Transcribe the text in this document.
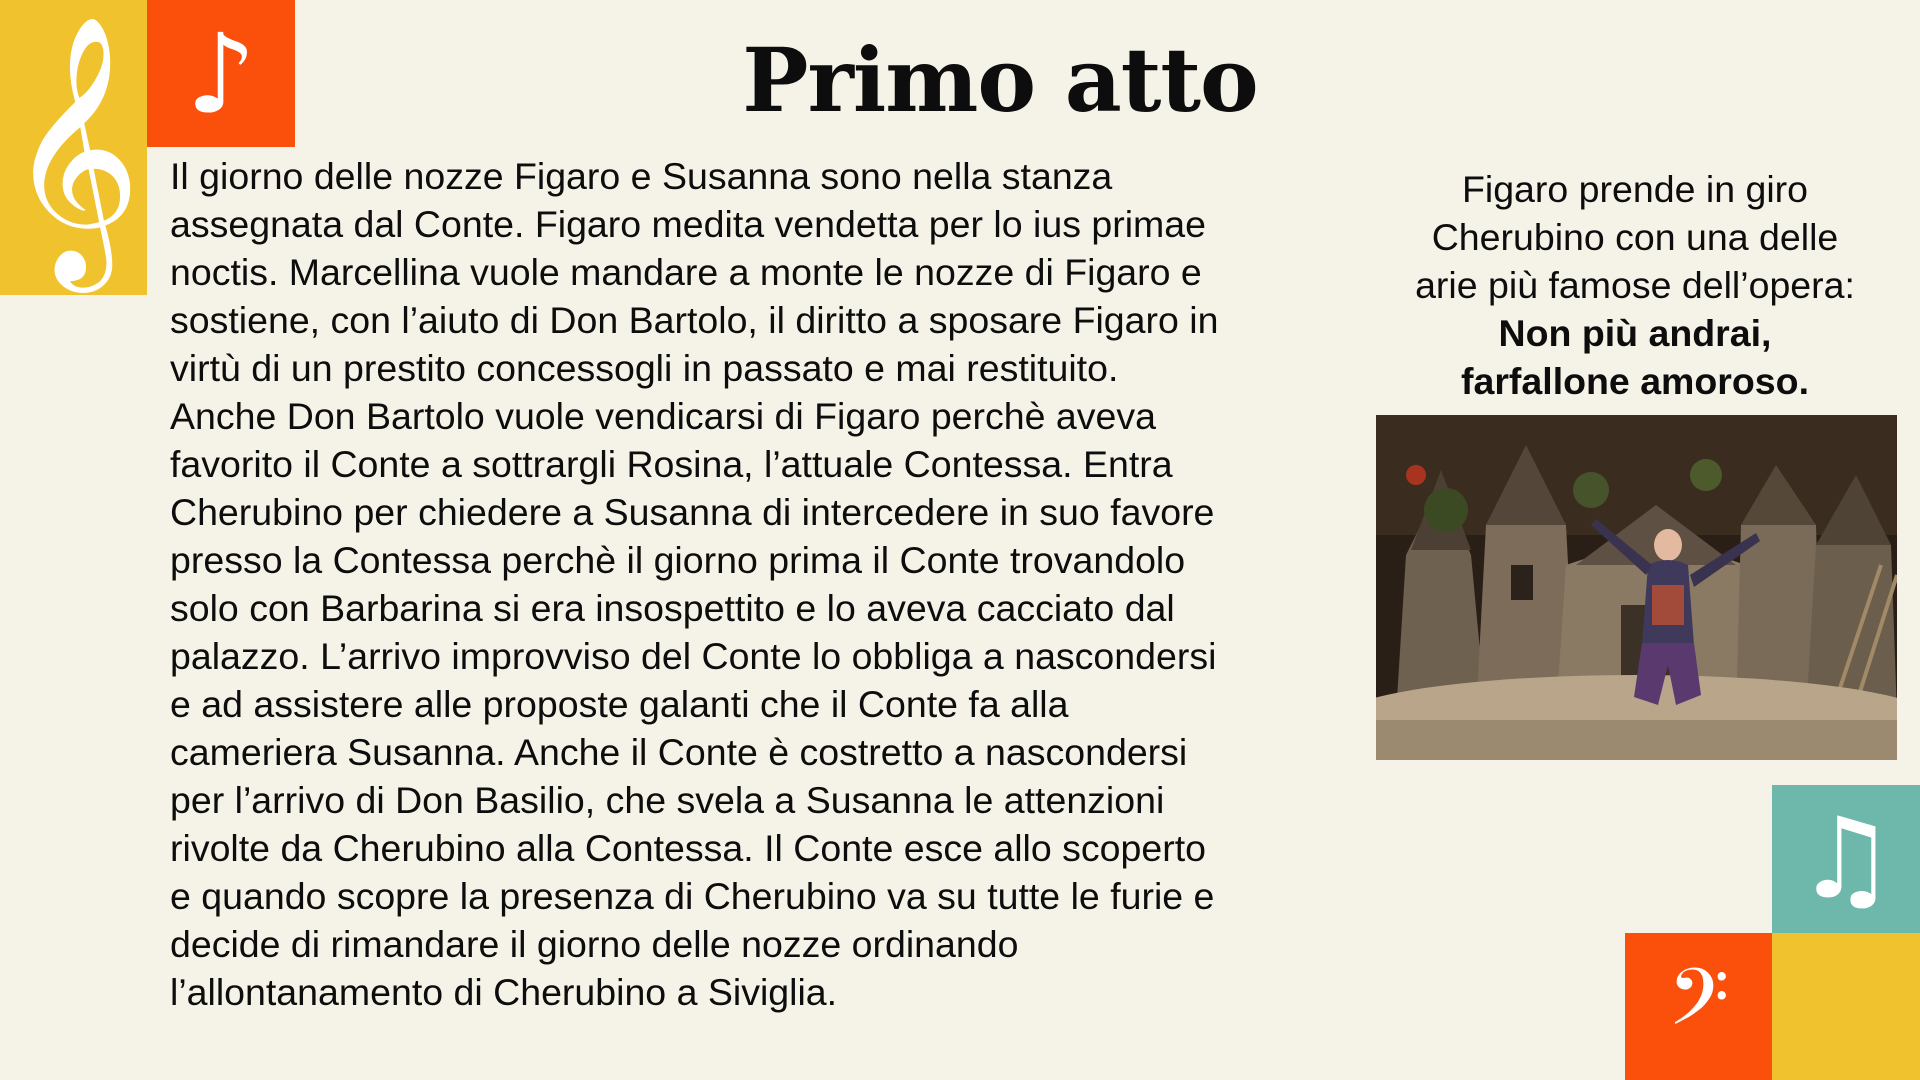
𝄞 ♪
♫
𝄢
Primo atto
Il giorno delle nozze Figaro e Susanna sono nella stanza
assegnata dal Conte. Figaro medita vendetta per lo ius primae
noctis. Marcellina vuole mandare a monte le nozze di Figaro e
sostiene, con l’aiuto di Don Bartolo, il diritto a sposare Figaro in
virtù di un prestito concessogli in passato e mai restituito.
Anche Don Bartolo vuole vendicarsi di Figaro perchè aveva
favorito il Conte a sottrargli Rosina, l’attuale Contessa. Entra
Cherubino per chiedere a Susanna di intercedere in suo favore
presso la Contessa perchè il giorno prima il Conte trovandolo
solo con Barbarina si era insospettito e lo aveva cacciato dal
palazzo. L’arrivo improvviso del Conte lo obbliga a nascondersi
e ad assistere alle proposte galanti che il Conte fa alla
cameriera Susanna. Anche il Conte è costretto a nascondersi
per l’arrivo di Don Basilio, che svela a Susanna le attenzioni
rivolte da Cherubino alla Contessa. Il Conte esce allo scoperto
e quando scopre la presenza di Cherubino va su tutte le furie e
decide di rimandare il giorno delle nozze ordinando
l’allontanamento di Cherubino a Siviglia.
Figaro prende in giro
Cherubino con una delle
arie più famose dell’opera:
Non più andrai,
farfallone amoroso.
